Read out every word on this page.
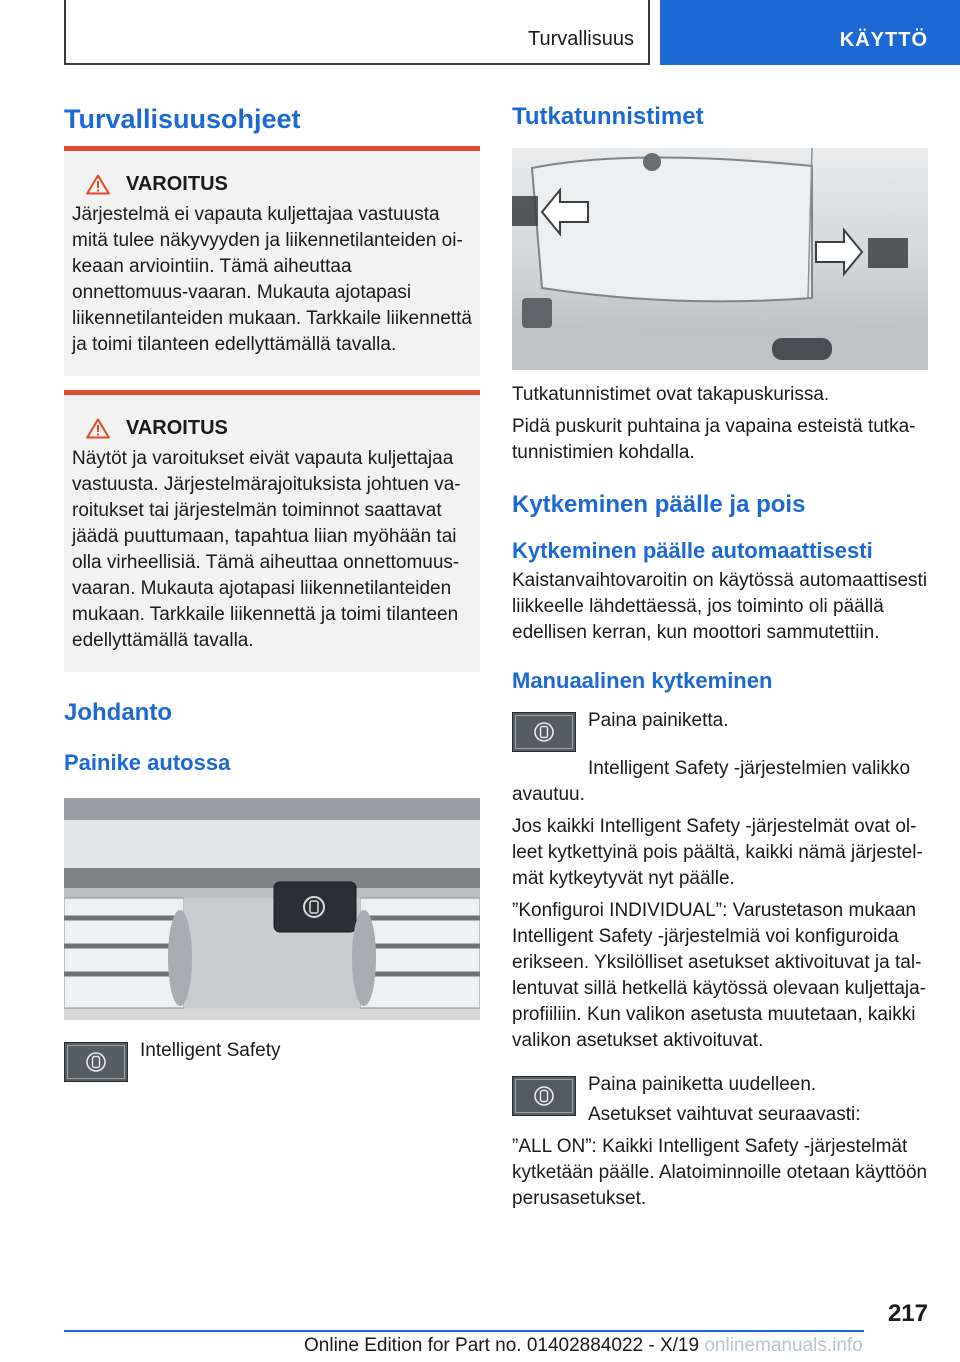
Turvallisuus	KÄYTTÖ
Turvallisuusohjeet
VAROITUS

Järjestelmä ei vapauta kuljettajaa vastuusta mitä tulee näkyvyyden ja liikennetilanteiden oi-keaan arviointiin. Tämä aiheuttaa onnettomuus-vaaran. Mukauta ajotapasi liikennetilanteiden mukaan. Tarkkaile liikennettä ja toimi tilanteen edellyttämällä tavalla.

VAROITUS

Näytöt ja varoitukset eivät vapauta kuljettajaa vastuusta. Järjestelmärajoituksista johtuen va-roitukset tai järjestelmän toiminnot saattavat jäädä puuttumaan, tapahtua liian myöhään tai olla virheellisiä. Tämä aiheuttaa onnettomuus-vaaran. Mukauta ajotapasi liikennetilanteiden mukaan. Tarkkaile liikennettä ja toimi tilanteen edellyttämällä tavalla.

Johdanto
Painike autossa
Intelligent Safety
Tutkatunnistimet

Tutkatunnistimet ovat takapuskurissa.

Pidä puskurit puhtaina ja vapaina esteistä tutka-tunnistimien kohdalla.

Kytkeminen päälle ja pois
Kytkeminen päälle automaattisesti

Kaistanvaihtovaroitin on käytössä automaattisesti liikkeelle lähdettäessä, jos toiminto oli päällä edellisen kerran, kun moottori sammutettiin.

Manuaalinen kytkeminen

Paina painiketta.

Intelligent Safety -järjestelmien valikko avautuu.

Jos kaikki Intelligent Safety -järjestelmät ovat ol-leet kytkettyinä pois päältä, kaikki nämä järjestel-mät kytkeytyvät nyt päälle.

”Konfiguroi INDIVIDUAL”: Varustetason mukaan Intelligent Safety -järjestelmiä voi konfiguroida erikseen. Yksilölliset asetukset aktivoituvat ja tal-lentuvat sillä hetkellä käytössä olevaan kuljettaja-profiiliin. Kun valikon asetusta muutetaan, kaikki valikon asetukset aktivoituvat.

Paina painiketta uudelleen.

Asetukset vaihtuvat seuraavasti:

”ALL ON”: Kaikki Intelligent Safety -järjestelmät kytketään päälle. Alatoiminnoille otetaan käyttöön perusasetukset.

217
Online Edition for Part no. 01402884022 - X/19 onlinemanuals.info
